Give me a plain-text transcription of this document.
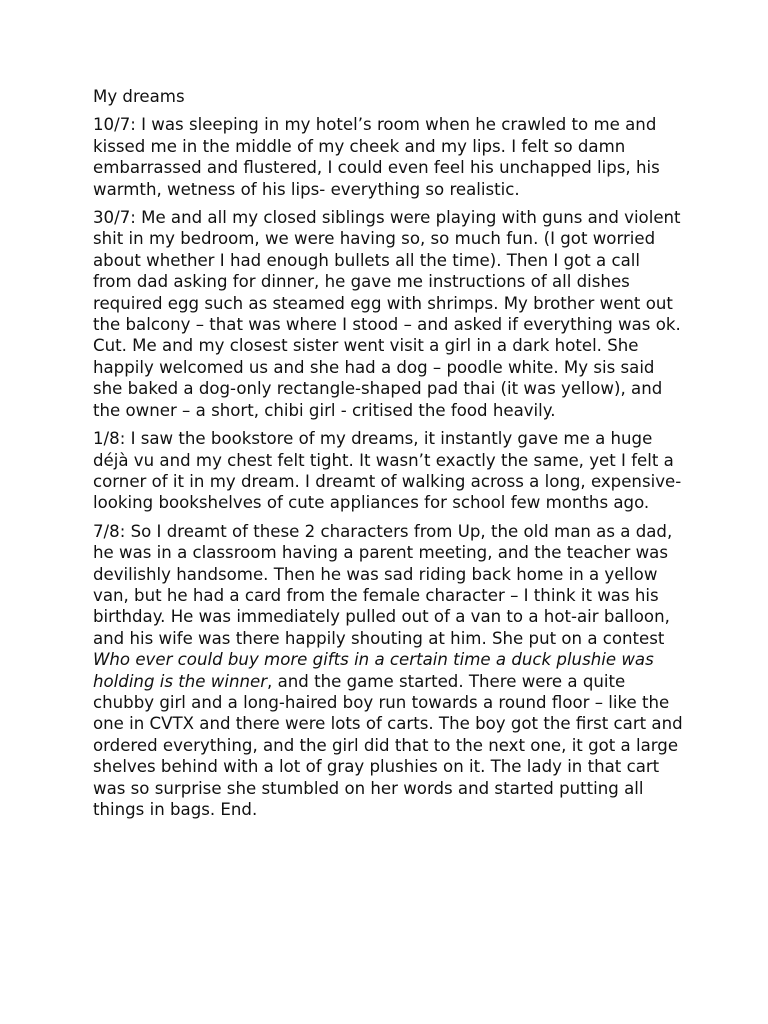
My dreams
10/7: I was sleeping in my hotel’s room when he crawled to me and kissed me in the middle of my cheek and my lips. I felt so damn embarrassed and flustered, I could even feel his unchapped lips, his warmth, wetness of his lips- everything so realistic.
30/7: Me and all my closed siblings were playing with guns and violent shit in my bedroom, we were having so, so much fun. (I got worried about whether I had enough bullets all the time). Then I got a call from dad asking for dinner, he gave me instructions of all dishes required egg such as steamed egg with shrimps. My brother went out the balcony – that was where I stood – and asked if everything was ok. Cut. Me and my closest sister went visit a girl in a dark hotel. She happily welcomed us and she had a dog – poodle white. My sis said she baked a dog-only rectangle-shaped pad thai (it was yellow), and the owner – a short, chibi girl - critised the food heavily.
1/8: I saw the bookstore of my dreams, it instantly gave me a huge déjà vu and my chest felt tight. It wasn’t exactly the same, yet I felt a corner of it in my dream. I dreamt of walking across a long, expensive-looking bookshelves of cute appliances for school few months ago.
7/8: So I dreamt of these 2 characters from Up, the old man as a dad, he was in a classroom having a parent meeting, and the teacher was devilishly handsome. Then he was sad riding back home in a yellow van, but he had a card from the female character – I think it was his birthday. He was immediately pulled out of a van to a hot-air balloon, and his wife was there happily shouting at him. She put on a contest Who ever could buy more gifts in a certain time a duck plushie was holding is the winner, and the game started. There were a quite chubby girl and a long-haired boy run towards a round floor – like the one in CVTX and there were lots of carts. The boy got the first cart and ordered everything, and the girl did that to the next one, it got a large shelves behind with a lot of gray plushies on it. The lady in that cart was so surprise she stumbled on her words and started putting all things in bags. End.
